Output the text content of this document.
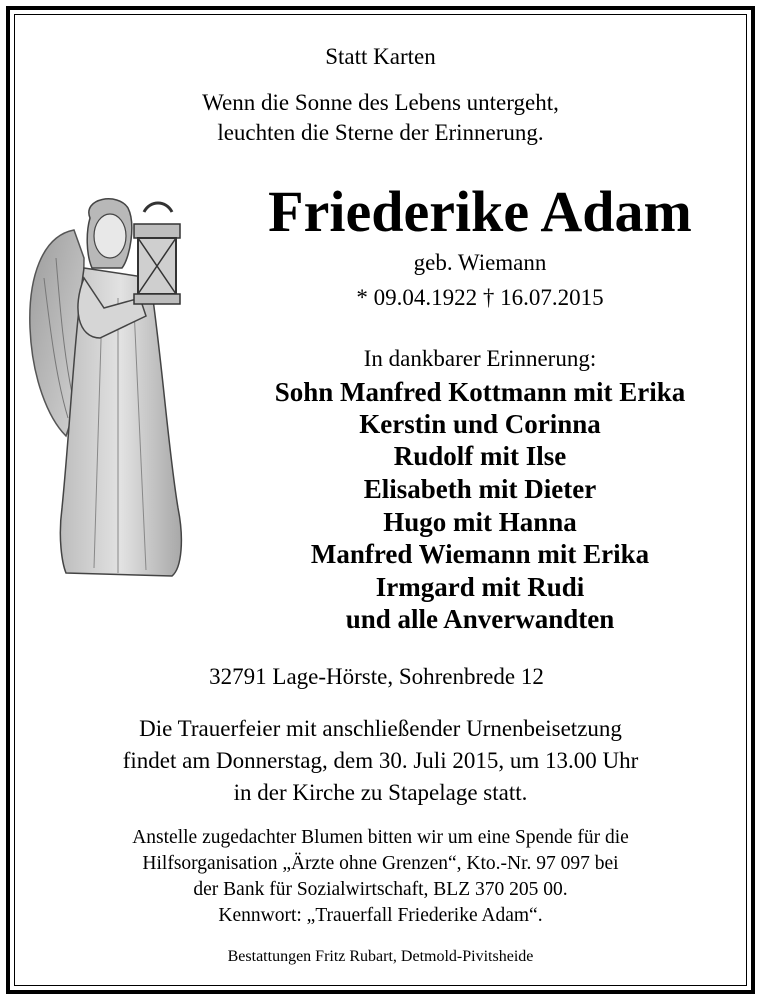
Statt Karten
Wenn die Sonne des Lebens untergeht,
leuchten die Sterne der Erinnerung.
Friederike Adam
geb. Wiemann
* 09.04.1922 † 16.07.2015
In dankbarer Erinnerung:
Sohn Manfred Kottmann mit Erika
Kerstin und Corinna
Rudolf mit Ilse
Elisabeth mit Dieter
Hugo mit Hanna
Manfred Wiemann mit Erika
Irmgard mit Rudi
und alle Anverwandten
32791 Lage-Hörste, Sohrenbrede 12
Die Trauerfeier mit anschließender Urnenbeisetzung
findet am Donnerstag, dem 30. Juli 2015, um 13.00 Uhr
in der Kirche zu Stapelage statt.
Anstelle zugedachter Blumen bitten wir um eine Spende für die
Hilfsorganisation „Ärzte ohne Grenzen“, Kto.-Nr. 97 097 bei
der Bank für Sozialwirtschaft, BLZ 370 205 00.
Kennwort: „Trauerfall Friederike Adam“.
Bestattungen Fritz Rubart, Detmold-Pivitsheide
